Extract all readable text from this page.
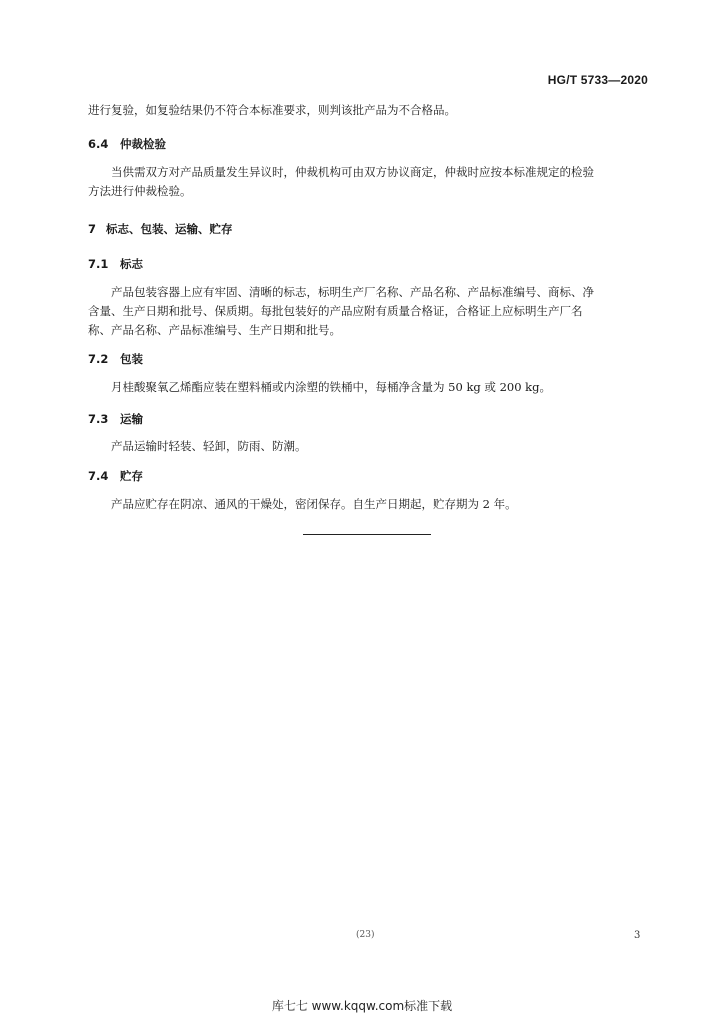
HG/T 5733—2020
进行复验，如复验结果仍不符合本标准要求，则判该批产品为不合格品。
6.4 仲裁检验
当供需双方对产品质量发生异议时，仲裁机构可由双方协议商定，仲裁时应按本标准规定的检验
方法进行仲裁检验。
7 标志、包装、运输、贮存
7.1 标志
产品包装容器上应有牢固、清晰的标志，标明生产厂名称、产品名称、产品标准编号、商标、净
含量、生产日期和批号、保质期。每批包装好的产品应附有质量合格证，合格证上应标明生产厂名
称、产品名称、产品标准编号、生产日期和批号。
7.2 包装
月桂酸聚氧乙烯酯应装在塑料桶或内涂塑的铁桶中，每桶净含量为 50 kg 或 200 kg。
7.3 运输
产品运输时轻装、轻卸，防雨、防潮。
7.4 贮存
产品应贮存在阴凉、通风的干燥处，密闭保存。自生产日期起，贮存期为 2 年。
(23)	3
库七七 www.kqqw.com标准下载
